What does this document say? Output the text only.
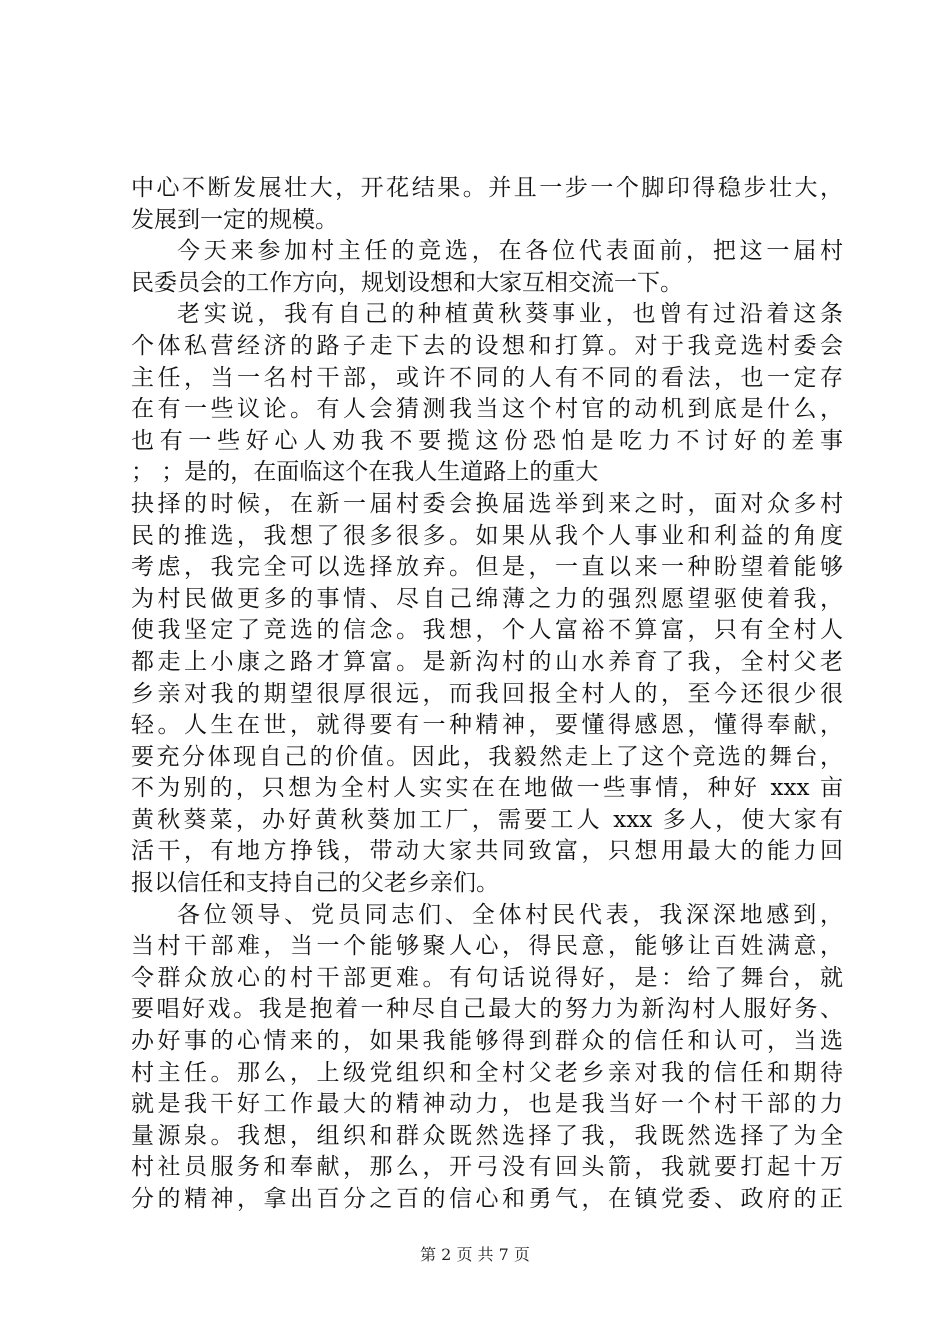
中心不断发展壮大，开花结果。并且一步一个脚印得稳步壮大，
发展到一定的规模。
今天来参加村主任的竞选，在各位代表面前，把这一届村
民委员会的工作方向，规划设想和大家互相交流一下。
老实说，我有自己的种植黄秋葵事业，也曾有过沿着这条
个体私营经济的路子走下去的设想和打算。对于我竞选村委会
主任，当一名村干部，或许不同的人有不同的看法，也一定存
在有一些议论。有人会猜测我当这个村官的动机到底是什么，
也有一些好心人劝我不要揽这份恐怕是吃力不讨好的差事
； ；是的，在面临这个在我人生道路上的重大
抉择的时候，在新一届村委会换届选举到来之时，面对众多村
民的推选，我想了很多很多。如果从我个人事业和利益的角度
考虑，我完全可以选择放弃。但是，一直以来一种盼望着能够
为村民做更多的事情、尽自己绵薄之力的强烈愿望驱使着我，
使我坚定了竞选的信念。我想，个人富裕不算富，只有全村人
都走上小康之路才算富。是新沟村的山水养育了我，全村父老
乡亲对我的期望很厚很远，而我回报全村人的，至今还很少很
轻。人生在世，就得要有一种精神，要懂得感恩，懂得奉献，
要充分体现自己的价值。因此，我毅然走上了这个竞选的舞台，
不为别的，只想为全村人实实在在地做一些事情，种好 xxx 亩
黄秋葵菜，办好黄秋葵加工厂，需要工人 xxx 多人，使大家有
活干，有地方挣钱，带动大家共同致富，只想用最大的能力回
报以信任和支持自己的父老乡亲们。
各位领导、党员同志们、全体村民代表，我深深地感到，
当村干部难，当一个能够聚人心，得民意，能够让百姓满意，
令群众放心的村干部更难。有句话说得好，是：给了舞台，就
要唱好戏。我是抱着一种尽自己最大的努力为新沟村人服好务、
办好事的心情来的，如果我能够得到群众的信任和认可，当选
村主任。那么，上级党组织和全村父老乡亲对我的信任和期待
就是我干好工作最大的精神动力，也是我当好一个村干部的力
量源泉。我想，组织和群众既然选择了我，我既然选择了为全
村社员服务和奉献，那么，开弓没有回头箭，我就要打起十万
分的精神，拿出百分之百的信心和勇气，在镇党委、政府的正
第 2 页 共 7 页
